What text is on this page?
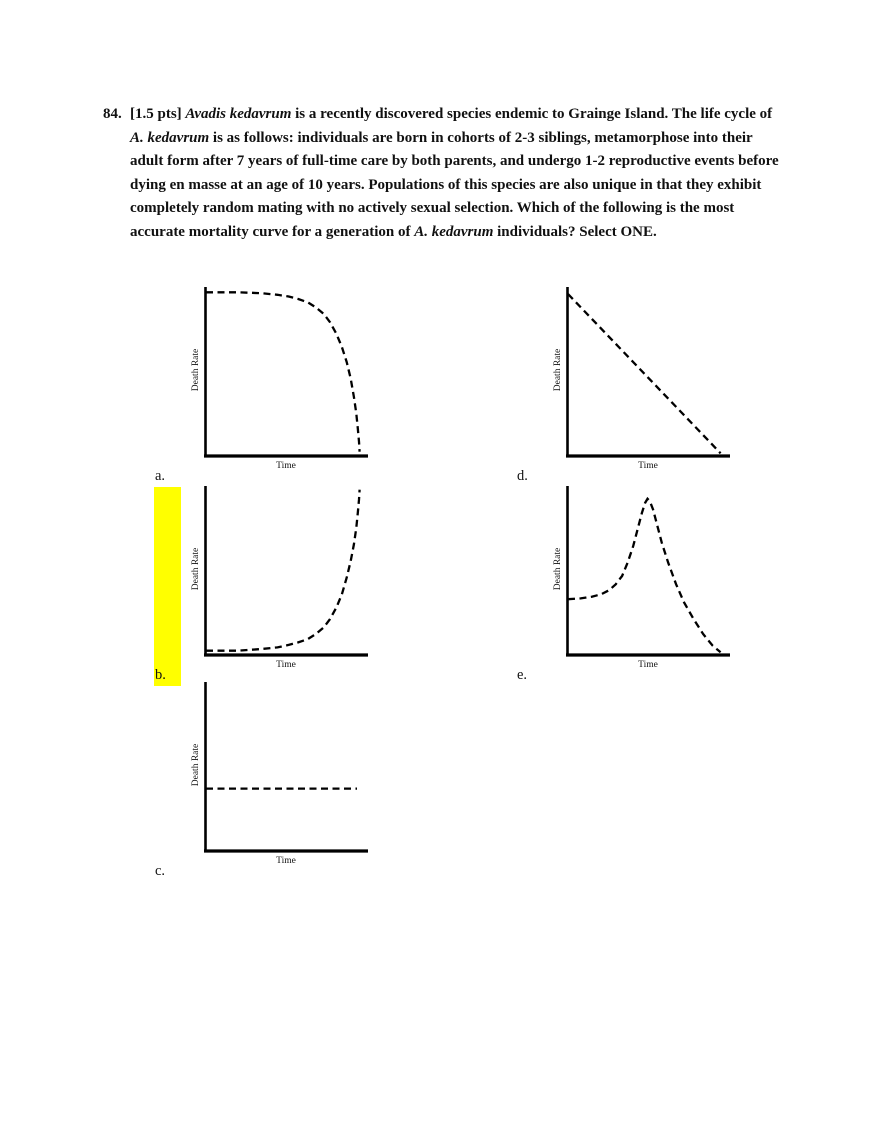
84. [1.5 pts] Avadis kedavrum is a recently discovered species endemic to Grainge Island. The life cycle of A. kedavrum is as follows: individuals are born in cohorts of 2-3 siblings, metamorphose into their adult form after 7 years of full-time care by both parents, and undergo 1-2 reproductive events before dying en masse at an age of 10 years. Populations of this species are also unique in that they exhibit completely random mating with no actively sexual selection. Which of the following is the most accurate mortality curve for a generation of A. kedavrum individuals? Select ONE.
Death Rate
Time
a.
Death Rate
Time
d.
Death Rate
Time
b.
Death Rate
Time
e.
Death Rate
Time
c.
